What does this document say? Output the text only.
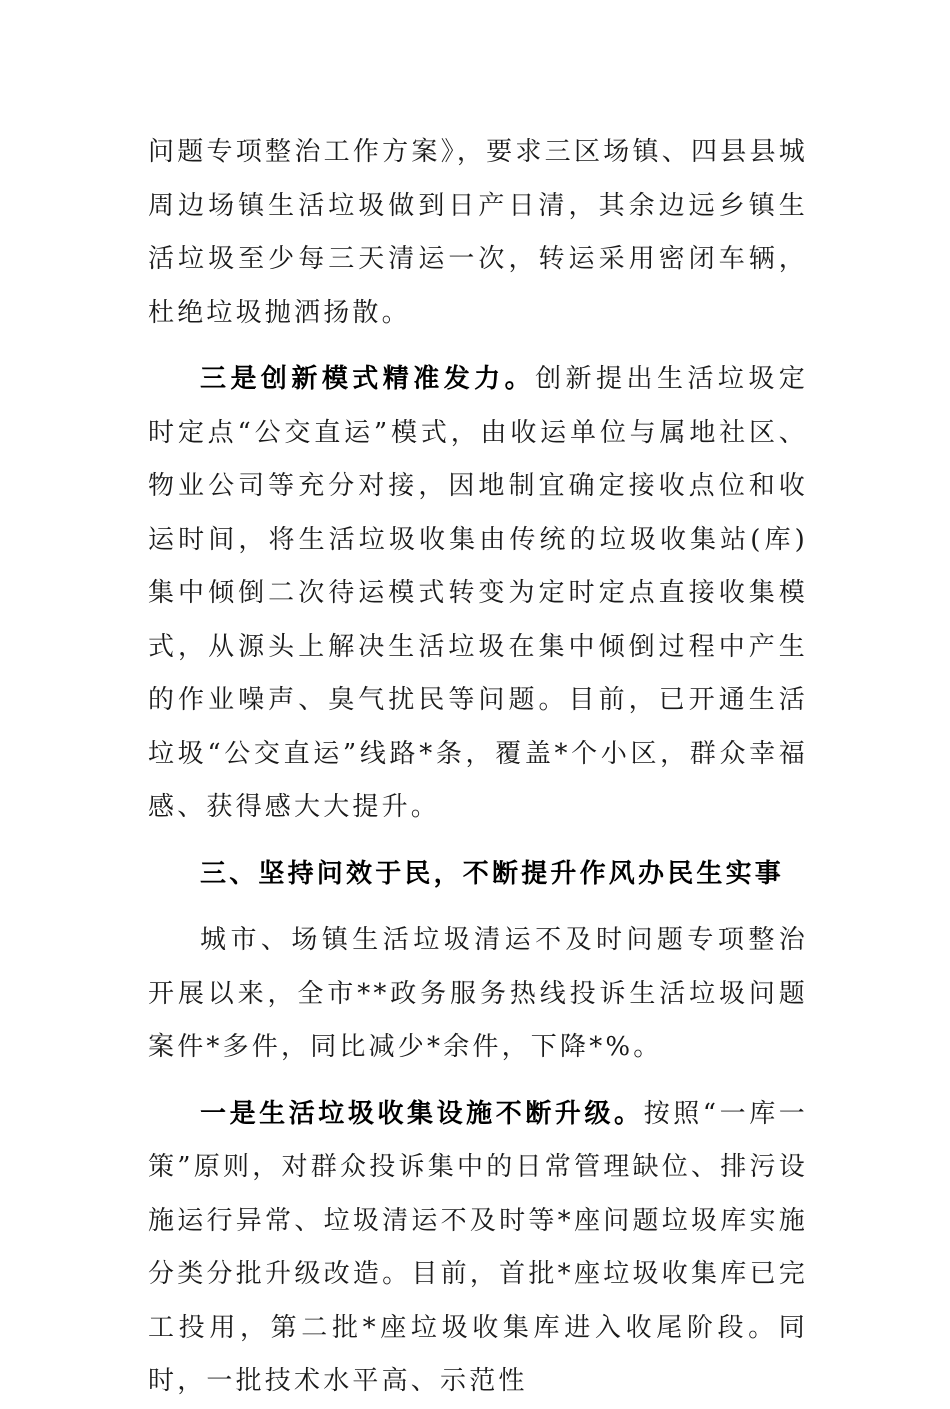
问题专项整治工作方案》，要求三区场镇、四县县城周边场镇生活垃圾做到日产日清，其余边远乡镇生活垃圾至少每三天清运一次，转运采用密闭车辆，杜绝垃圾抛洒扬散。

三是创新模式精准发力。创新提出生活垃圾定时定点“公交直运”模式，由收运单位与属地社区、物业公司等充分对接，因地制宜确定接收点位和收运时间，将生活垃圾收集由传统的垃圾收集站(库)集中倾倒二次待运模式转变为定时定点直接收集模式，从源头上解决生活垃圾在集中倾倒过程中产生的作业噪声、臭气扰民等问题。目前，已开通生活垃圾“公交直运”线路*条，覆盖*个小区，群众幸福感、获得感大大提升。

三、坚持问效于民，不断提升作风办民生实事

城市、场镇生活垃圾清运不及时问题专项整治开展以来，全市**政务服务热线投诉生活垃圾问题案件*多件，同比减少*余件，下降*%。

一是生活垃圾收集设施不断升级。按照“一库一策”原则，对群众投诉集中的日常管理缺位、排污设施运行异常、垃圾清运不及时等*座问题垃圾库实施分类分批升级改造。目前，首批*座垃圾收集库已完工投用，第二批*座垃圾收集库进入收尾阶段。同时，一批技术水平高、示范性
